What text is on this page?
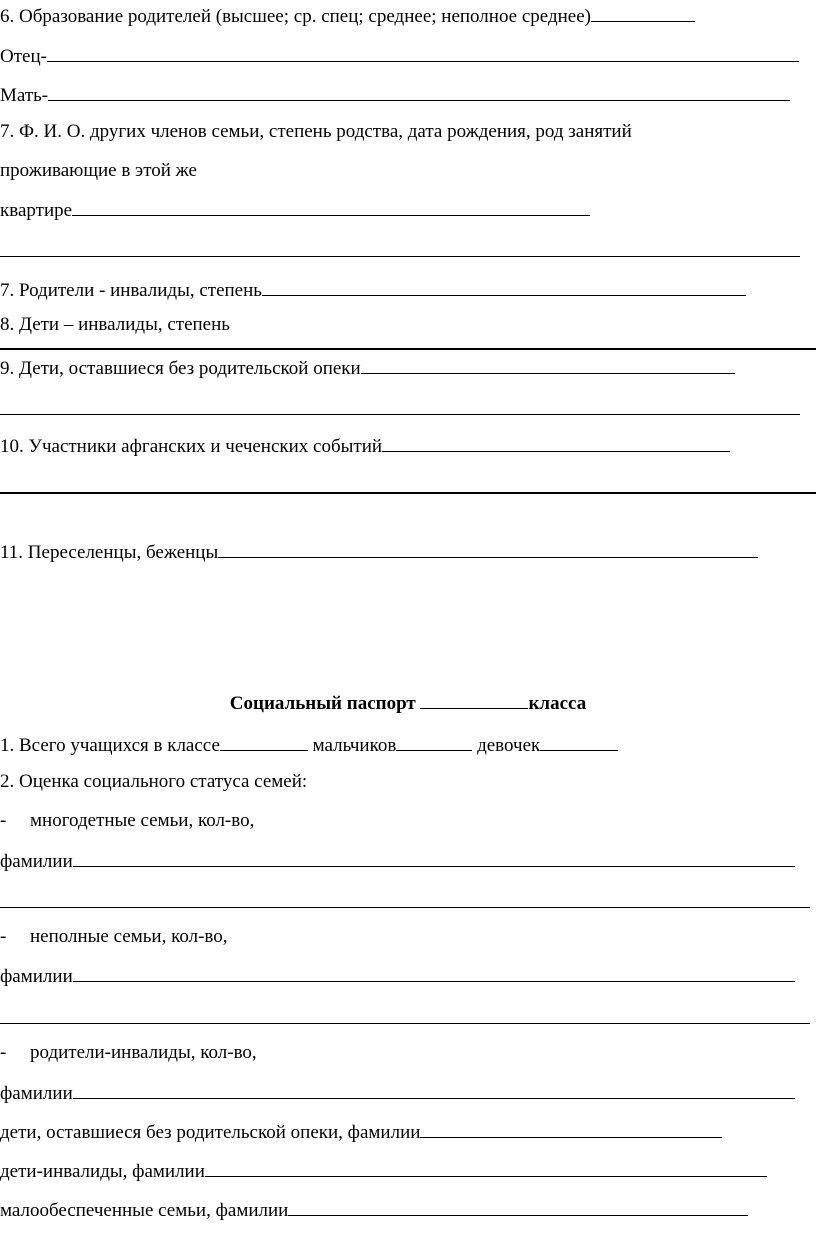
6. Образование родителей (высшее; ср. спец; среднее; неполное среднее)
Отец-
Мать-
7. Ф. И. О. других членов семьи, степень родства, дата рождения, род занятий
проживающие в этой же
квартире
7. Родители - инвалиды, степень
8. Дети – инвалиды, степень
9. Дети, оставшиеся без родительской опеки
10. Участники афганских и чеченских событий
11. Переселенцы, беженцы
Социальный паспорт	класса
1. Всего учащихся в классе	мальчиков	девочек
2. Оценка социального статуса семей:
- многодетные семьи, кол-во,
фамилии
- неполные семьи, кол-во,
фамилии
- родители-инвалиды, кол-во,
фамилии
дети, оставшиеся без родительской опеки, фамилии
дети-инвалиды, фамилии
малообеспеченные семьи, фамилии
